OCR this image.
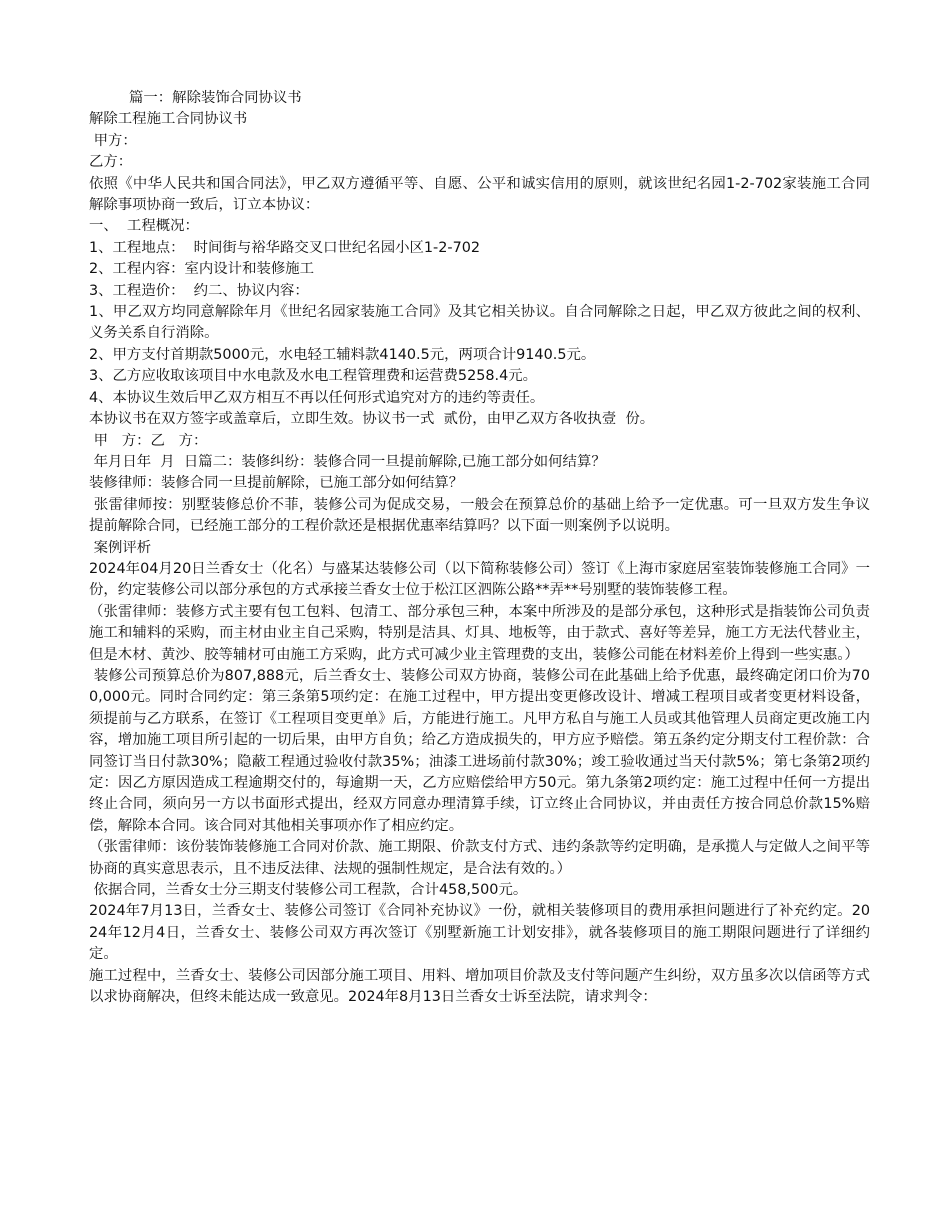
篇一：解除装饰合同协议书

解除工程施工合同协议书

甲方：

乙方：

依照《中华人民共和国合同法》，甲乙双方遵循平等、自愿、公平和诚实信用的原则，就该世纪名园1-2-702家装施工合同解除事项协商一致后，订立本协议：

一、  工程概况：

1、工程地点：  时间街与裕华路交叉口世纪名园小区1-2-702

2、工程内容：室内设计和装修施工

3、工程造价：  约二、协议内容：

1、甲乙双方均同意解除年月《世纪名园家装施工合同》及其它相关协议。自合同解除之日起，甲乙双方彼此之间的权利、义务关系自行消除。

2、甲方支付首期款5000元，水电轻工辅料款4140.5元，两项合计9140.5元。

3、乙方应收取该项目中水电款及水电工程管理费和运营费5258.4元。

4、本协议生效后甲乙双方相互不再以任何形式追究对方的违约等责任。

本协议书在双方签字或盖章后，立即生效。协议书一式  贰份，由甲乙双方各收执壹  份。

甲   方：乙   方：

年月日年  月  日篇二：装修纠纷：装修合同一旦提前解除,已施工部分如何结算？

装修律师：装修合同一旦提前解除，已施工部分如何结算？

张雷律师按：别墅装修总价不菲，装修公司为促成交易，一般会在预算总价的基础上给予一定优惠。可一旦双方发生争议提前解除合同，已经施工部分的工程价款还是根据优惠率结算吗？以下面一则案例予以说明。

案例评析

2024年04月20日兰香女士（化名）与盛某达装修公司（以下简称装修公司）签订《上海市家庭居室装饰装修施工合同》一份，约定装修公司以部分承包的方式承接兰香女士位于松江区泗陈公路**弄**号别墅的装饰装修工程。

（张雷律师：装修方式主要有包工包料、包清工、部分承包三种，本案中所涉及的是部分承包，这种形式是指装饰公司负责施工和辅料的采购，而主材由业主自己采购，特别是洁具、灯具、地板等，由于款式、喜好等差异，施工方无法代替业主，但是木材、黄沙、胶等辅材可由施工方采购，此方式可减少业主管理费的支出，装修公司能在材料差价上得到一些实惠。）

装修公司预算总价为807,888元，后兰香女士、装修公司双方协商，装修公司在此基础上给予优惠，最终确定闭口价为700,000元。同时合同约定：第三条第5项约定：在施工过程中，甲方提出变更修改设计、增减工程项目或者变更材料设备，须提前与乙方联系，在签订《工程项目变更单》后，方能进行施工。凡甲方私自与施工人员或其他管理人员商定更改施工内容，增加施工项目所引起的一切后果，由甲方自负；给乙方造成损失的，甲方应予赔偿。第五条约定分期支付工程价款：合同签订当日付款30%；隐蔽工程通过验收付款35%；油漆工进场前付款30%；竣工验收通过当天付款5%；第七条第2项约定：因乙方原因造成工程逾期交付的，每逾期一天，乙方应赔偿给甲方50元。第九条第2项约定：施工过程中任何一方提出终止合同，须向另一方以书面形式提出，经双方同意办理清算手续，订立终止合同协议，并由责任方按合同总价款15%赔偿，解除本合同。该合同对其他相关事项亦作了相应约定。

（张雷律师：该份装饰装修施工合同对价款、施工期限、价款支付方式、违约条款等约定明确，是承揽人与定做人之间平等协商的真实意思表示，且不违反法律、法规的强制性规定，是合法有效的。）

依据合同，兰香女士分三期支付装修公司工程款，合计458,500元。

2024年7月13日，兰香女士、装修公司签订《合同补充协议》一份，就相关装修项目的费用承担问题进行了补充约定。2024年12月4日，兰香女士、装修公司双方再次签订《别墅新施工计划安排》，就各装修项目的施工期限问题进行了详细约定。

施工过程中，兰香女士、装修公司因部分施工项目、用料、增加项目价款及支付等问题产生纠纷，双方虽多次以信函等方式以求协商解决，但终未能达成一致意见。2024年8月13日兰香女士诉至法院，请求判令：
